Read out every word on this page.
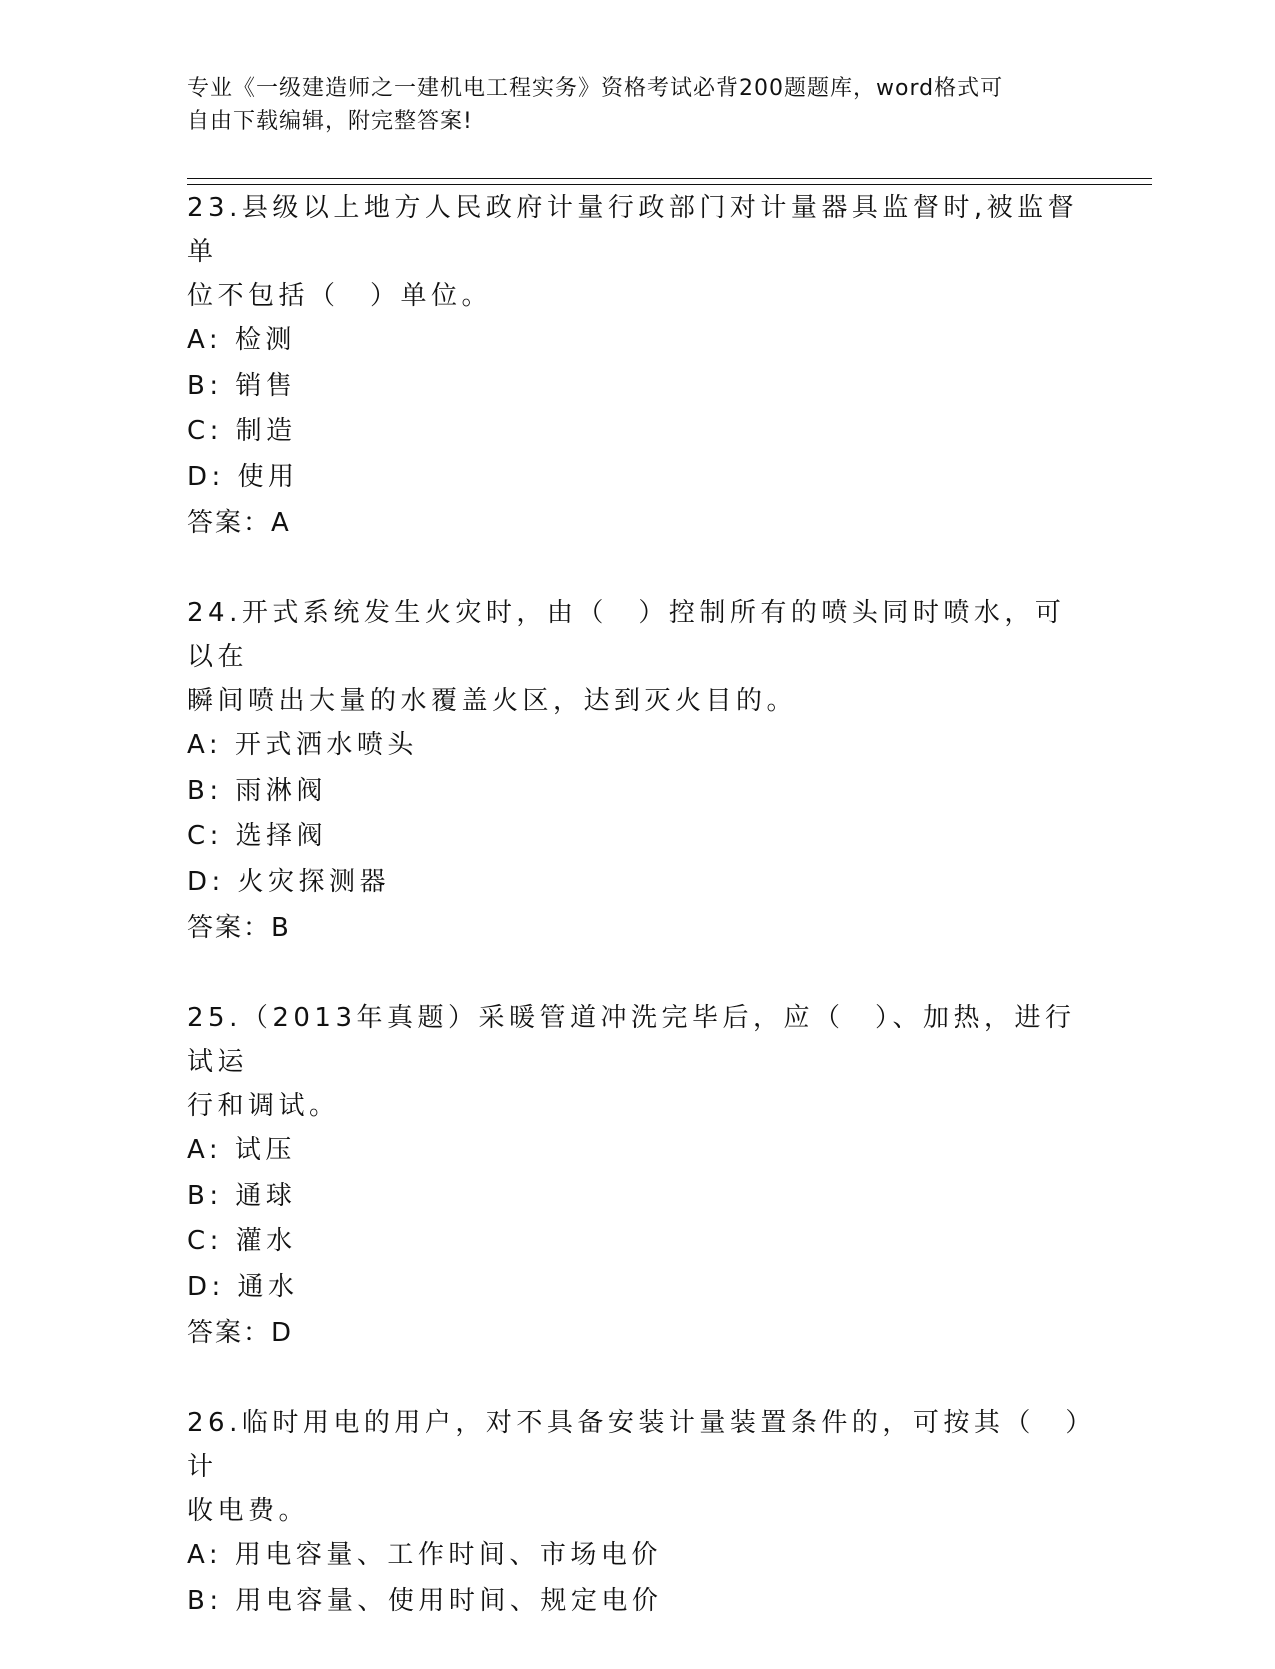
专业《一级建造师之一建机电工程实务》资格考试必背200题题库，word格式可
自由下载编辑，附完整答案!

23.县级以上地方人民政府计量行政部门对计量器具监督时,被监督单

位不包括（　）单位。

A: 检测

B: 销售

C: 制造

D: 使用

答案：A

24.开式系统发生火灾时，由（　）控制所有的喷头同时喷水，可以在

瞬间喷出大量的水覆盖火区，达到灭火目的。

A: 开式洒水喷头

B: 雨淋阀

C: 选择阀

D: 火灾探测器

答案：B

25.（2013年真题）采暖管道冲洗完毕后，应（　）、加热，进行试运

行和调试。

A: 试压

B: 通球

C: 灌水

D: 通水

答案：D

26.临时用电的用户，对不具备安装计量装置条件的，可按其（　）计

收电费。

A: 用电容量、工作时间、市场电价

B: 用电容量、使用时间、规定电价
